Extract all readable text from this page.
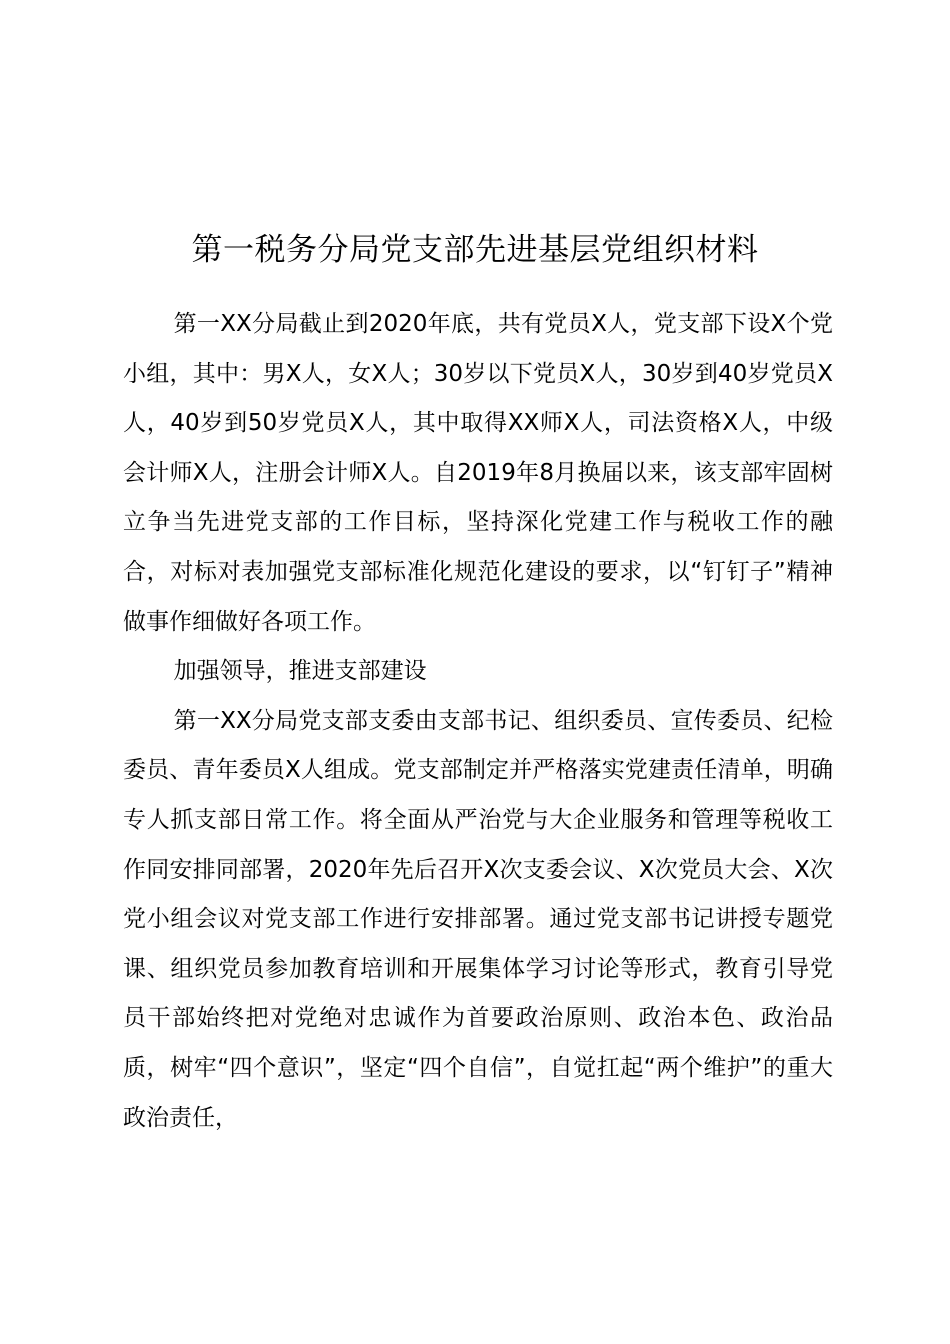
第一税务分局党支部先进基层党组织材料

第一XX分局截止到2020年底，共有党员X人，党支部下设X个党小组，其中：男X人，女X人；30岁以下党员X人，30岁到40岁党员X人，40岁到50岁党员X人，其中取得XX师X人，司法资格X人，中级会计师X人，注册会计师X人。自2019年8月换届以来，该支部牢固树立争当先进党支部的工作目标，坚持深化党建工作与税收工作的融合，对标对表加强党支部标准化规范化建设的要求，以“钉钉子”精神做事作细做好各项工作。

加强领导，推进支部建设

第一XX分局党支部支委由支部书记、组织委员、宣传委员、纪检委员、青年委员X人组成。党支部制定并严格落实党建责任清单，明确专人抓支部日常工作。将全面从严治党与大企业服务和管理等税收工作同安排同部署，2020年先后召开X次支委会议、X次党员大会、X次党小组会议对党支部工作进行安排部署。通过党支部书记讲授专题党课、组织党员参加教育培训和开展集体学习讨论等形式，教育引导党员干部始终把对党绝对忠诚作为首要政治原则、政治本色、政治品质，树牢“四个意识”，坚定“四个自信”，自觉扛起“两个维护”的重大政治责任，
